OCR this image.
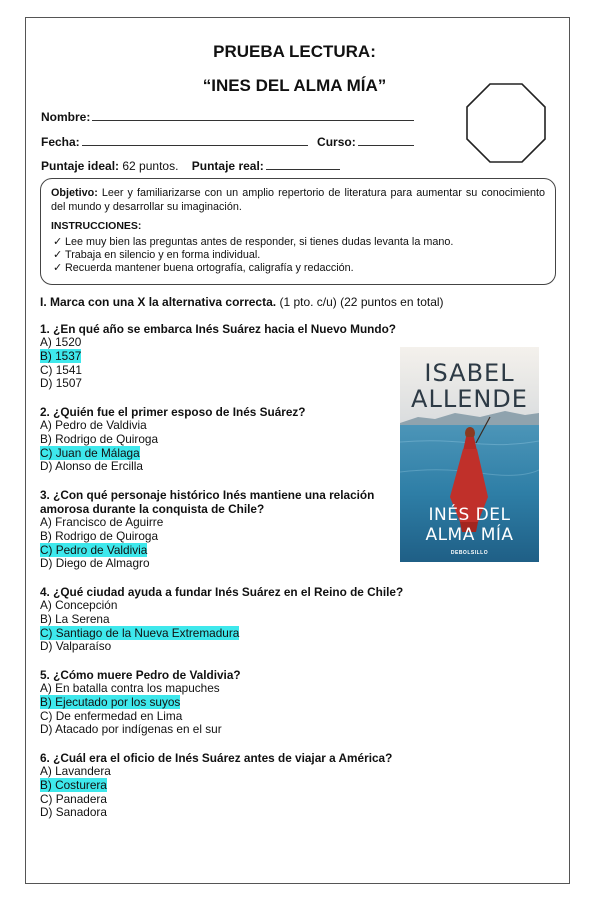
PRUEBA LECTURA:
“INES DEL ALMA MÍA”
Nombre:
Fecha:	Curso:
Puntaje ideal: 62 puntos. Puntaje real:

Objetivo: Leer y familiarizarse con un amplio repertorio de literatura para aumentar su conocimiento del mundo y desarrollar su imaginación.

INSTRUCCIONES:
✓ Lee muy bien las preguntas antes de responder, si tienes dudas levanta la mano.
✓ Trabaja en silencio y en forma individual.
✓ Recuerda mantener buena ortografía, caligrafía y redacción.
I. Marca con una X la alternativa correcta. (1 pto. c/u) (22 puntos en total)
1. ¿En qué año se embarca Inés Suárez hacia el Nuevo Mundo?
A) 1520
B) 1537
C) 1541
D) 1507
2. ¿Quién fue el primer esposo de Inés Suárez?
A) Pedro de Valdivia
B) Rodrigo de Quiroga
C) Juan de Málaga
D) Alonso de Ercilla
3. ¿Con qué personaje histórico Inés mantiene una relación amorosa durante la conquista de Chile?
A) Francisco de Aguirre
B) Rodrigo de Quiroga
C) Pedro de Valdivia
D) Diego de Almagro
4. ¿Qué ciudad ayuda a fundar Inés Suárez en el Reino de Chile?
A) Concepción
B) La Serena
C) Santiago de la Nueva Extremadura
D) Valparaíso
5. ¿Cómo muere Pedro de Valdivia?
A) En batalla contra los mapuches
B) Ejecutado por los suyos
C) De enfermedad en Lima
D) Atacado por indígenas en el sur
6. ¿Cuál era el oficio de Inés Suárez antes de viajar a América?
A) Lavandera
B) Costurera
C) Panadera
D) Sanadora
ISABEL
ALLENDE
INÉS DEL
ALMA MÍA
DEBOLSILLO
